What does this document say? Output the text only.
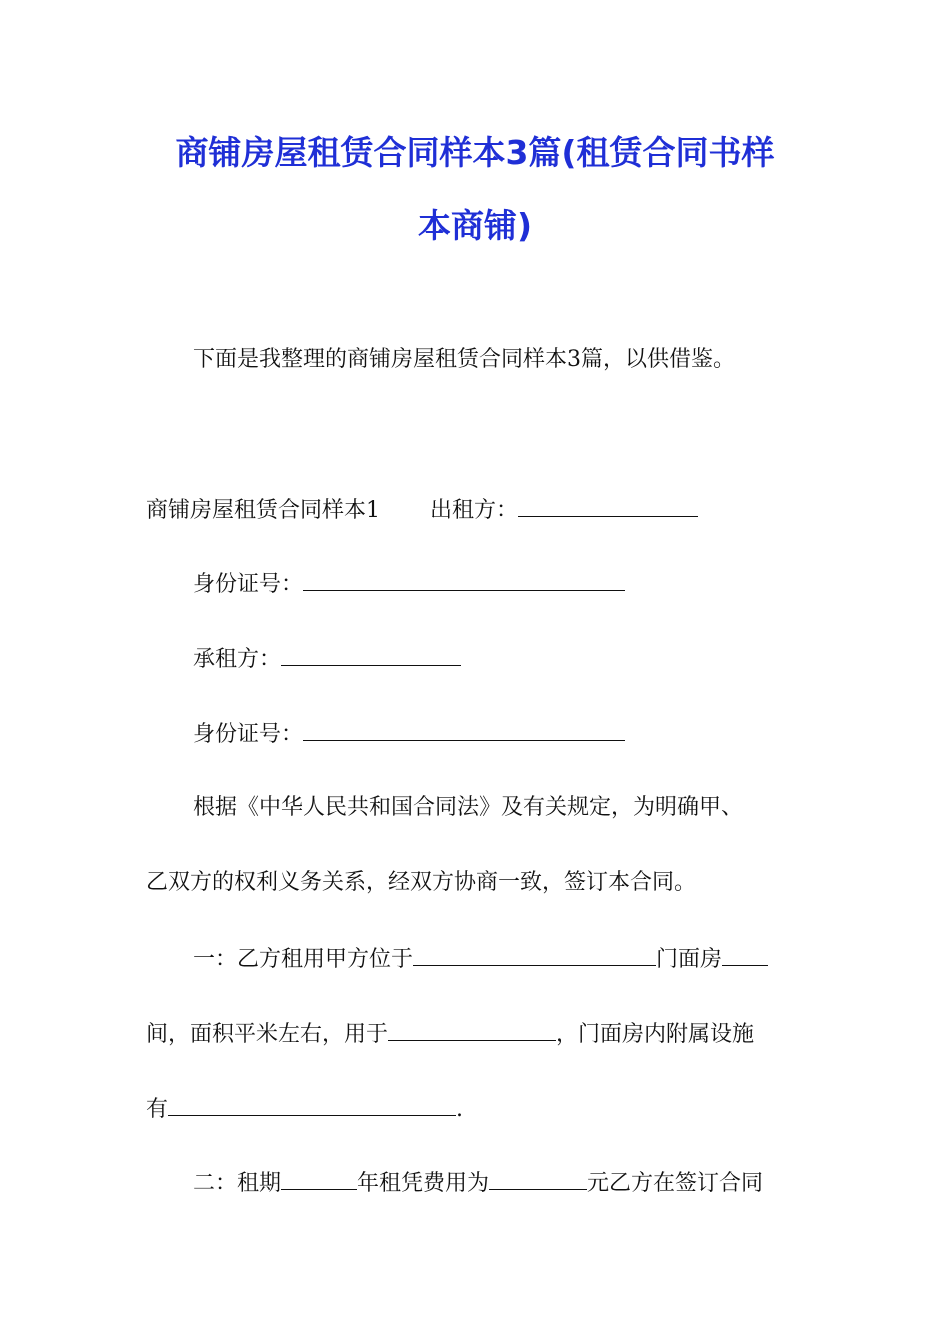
商铺房屋租赁合同样本3篇(租赁合同书样
本商铺)

下面是我整理的商铺房屋租赁合同样本3篇，以供借鉴。

商铺房屋租赁合同样本1 出租方：

身份证号：

承租方：

身份证号：

根据《中华人民共和国合同法》及有关规定，为明确甲、

乙双方的权利义务关系，经双方协商一致，签订本合同。

一：乙方租用甲方位于	门面房

间，面积平米左右，用于	，门面房内附属设施

有	.

二：租期	年租凭费用为	元乙方在签订合同
